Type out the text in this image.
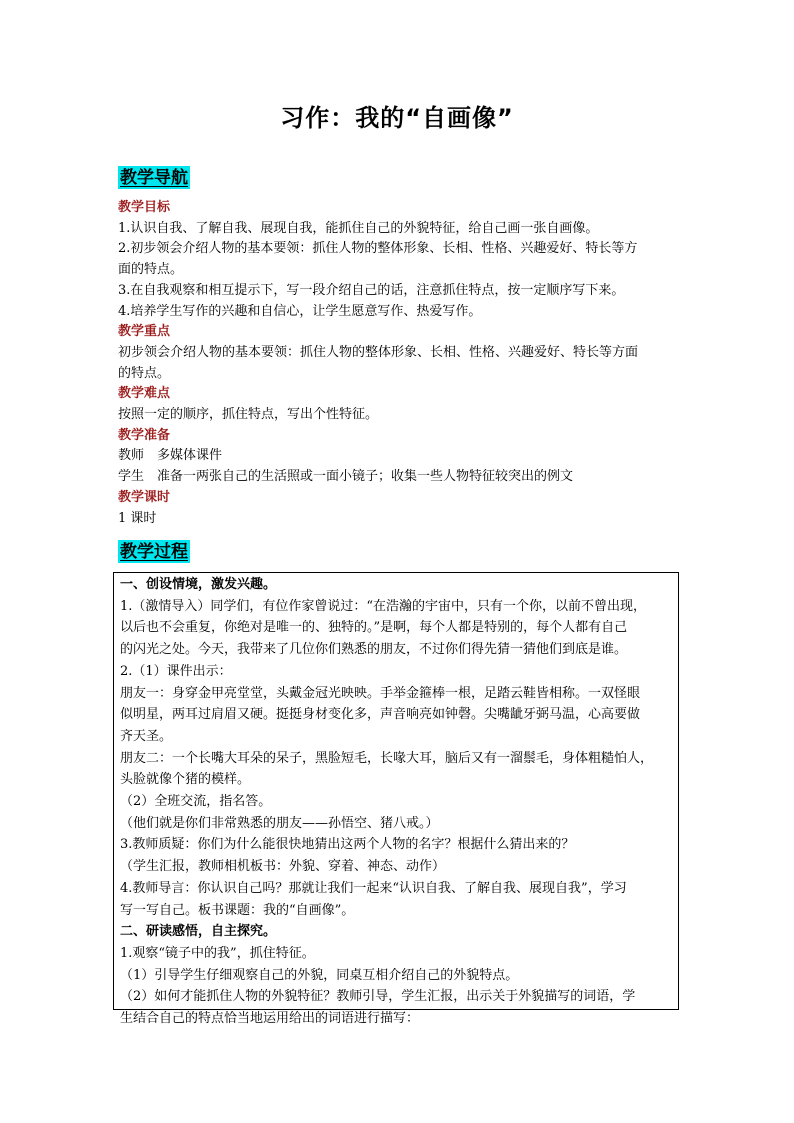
习作：我的“自画像”
教学导航
教学目标
1.认识自我、了解自我、展现自我，能抓住自己的外貌特征，给自己画一张自画像。
2.初步领会介绍人物的基本要领：抓住人物的整体形象、长相、性格、兴趣爱好、特长等方
面的特点。
3.在自我观察和相互提示下，写一段介绍自己的话，注意抓住特点，按一定顺序写下来。
4.培养学生写作的兴趣和自信心，让学生愿意写作、热爱写作。
教学重点
初步领会介绍人物的基本要领：抓住人物的整体形象、长相、性格、兴趣爱好、特长等方面
的特点。
教学难点
按照一定的顺序，抓住特点，写出个性特征。
教学准备
教师　多媒体课件
学生　准备一两张自己的生活照或一面小镜子；收集一些人物特征较突出的例文
教学课时
1 课时
教学过程
一、创设情境，激发兴趣。
1.（激情导入）同学们，有位作家曾说过：“在浩瀚的宇宙中，只有一个你，以前不曾出现，
以后也不会重复，你绝对是唯一的、独特的。”是啊，每个人都是特别的，每个人都有自己
的闪光之处。今天，我带来了几位你们熟悉的朋友，不过你们得先猜一猜他们到底是谁。
2.（1）课件出示：
朋友一：身穿金甲亮堂堂，头戴金冠光映映。手举金箍棒一根，足踏云鞋皆相称。一双怪眼
似明星，两耳过肩眉又硬。挺挺身材变化多，声音响亮如钟磬。尖嘴龇牙弼马温，心高要做
齐天圣。
朋友二：一个长嘴大耳朵的呆子，黑脸短毛，长喙大耳，脑后又有一溜鬃毛，身体粗糙怕人，
头脸就像个猪的模样。
（2）全班交流，指名答。
（他们就是你们非常熟悉的朋友——孙悟空、猪八戒。）
3.教师质疑：你们为什么能很快地猜出这两个人物的名字？根据什么猜出来的？
（学生汇报，教师相机板书：外貌、穿着、神态、动作）
4.教师导言：你认识自己吗？那就让我们一起来“认识自我、了解自我、展现自我”，学习
写一写自己。板书课题：我的“自画像”。
二、研读感悟，自主探究。
1.观察“镜子中的我”，抓住特征。
（1）引导学生仔细观察自己的外貌，同桌互相介绍自己的外貌特点。
（2）如何才能抓住人物的外貌特征？教师引导，学生汇报，出示关于外貌描写的词语，学
生结合自己的特点恰当地运用给出的词语进行描写：
